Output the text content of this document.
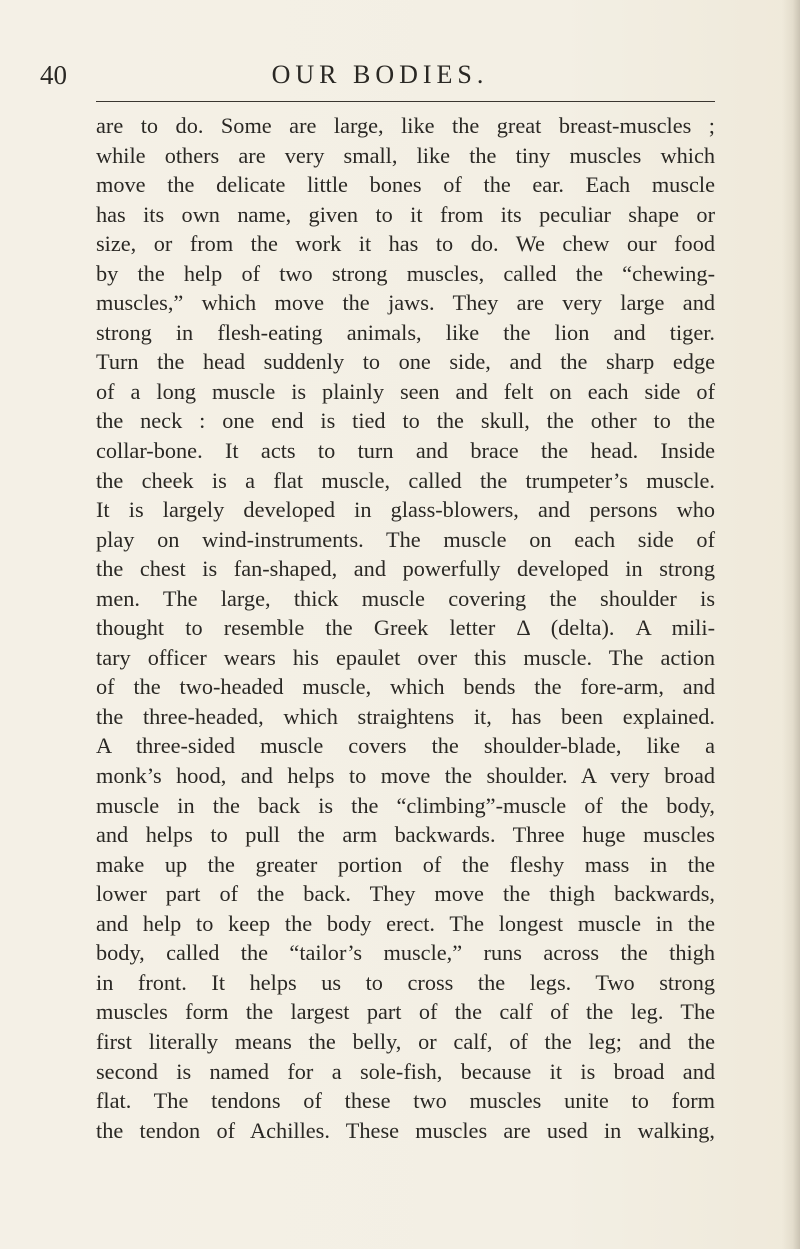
40	OUR BODIES.
are to do. Some are large, like the great breast-muscles ;
while others are very small, like the tiny muscles which
move the delicate little bones of the ear. Each muscle
has its own name, given to it from its peculiar shape or
size, or from the work it has to do. We chew our food
by the help of two strong muscles, called the “chewing-
muscles,” which move the jaws. They are very large and
strong in flesh-eating animals, like the lion and tiger.
Turn the head suddenly to one side, and the sharp edge
of a long muscle is plainly seen and felt on each side of
the neck : one end is tied to the skull, the other to the
collar-bone. It acts to turn and brace the head. Inside
the cheek is a flat muscle, called the trumpeter’s muscle.
It is largely developed in glass-blowers, and persons who
play on wind-instruments. The muscle on each side of
the chest is fan-shaped, and powerfully developed in strong
men. The large, thick muscle covering the shoulder is
thought to resemble the Greek letter Δ (delta). A mili-
tary officer wears his epaulet over this muscle. The action
of the two-headed muscle, which bends the fore-arm, and
the three-headed, which straightens it, has been explained.
A three-sided muscle covers the shoulder-blade, like a
monk’s hood, and helps to move the shoulder. A very broad
muscle in the back is the “climbing”-muscle of the body,
and helps to pull the arm backwards. Three huge muscles
make up the greater portion of the fleshy mass in the
lower part of the back. They move the thigh backwards,
and help to keep the body erect. The longest muscle in the
body, called the “tailor’s muscle,” runs across the thigh
in front. It helps us to cross the legs. Two strong
muscles form the largest part of the calf of the leg. The
first literally means the belly, or calf, of the leg; and the
second is named for a sole-fish, because it is broad and
flat. The tendons of these two muscles unite to form
the tendon of Achilles. These muscles are used in walking,
